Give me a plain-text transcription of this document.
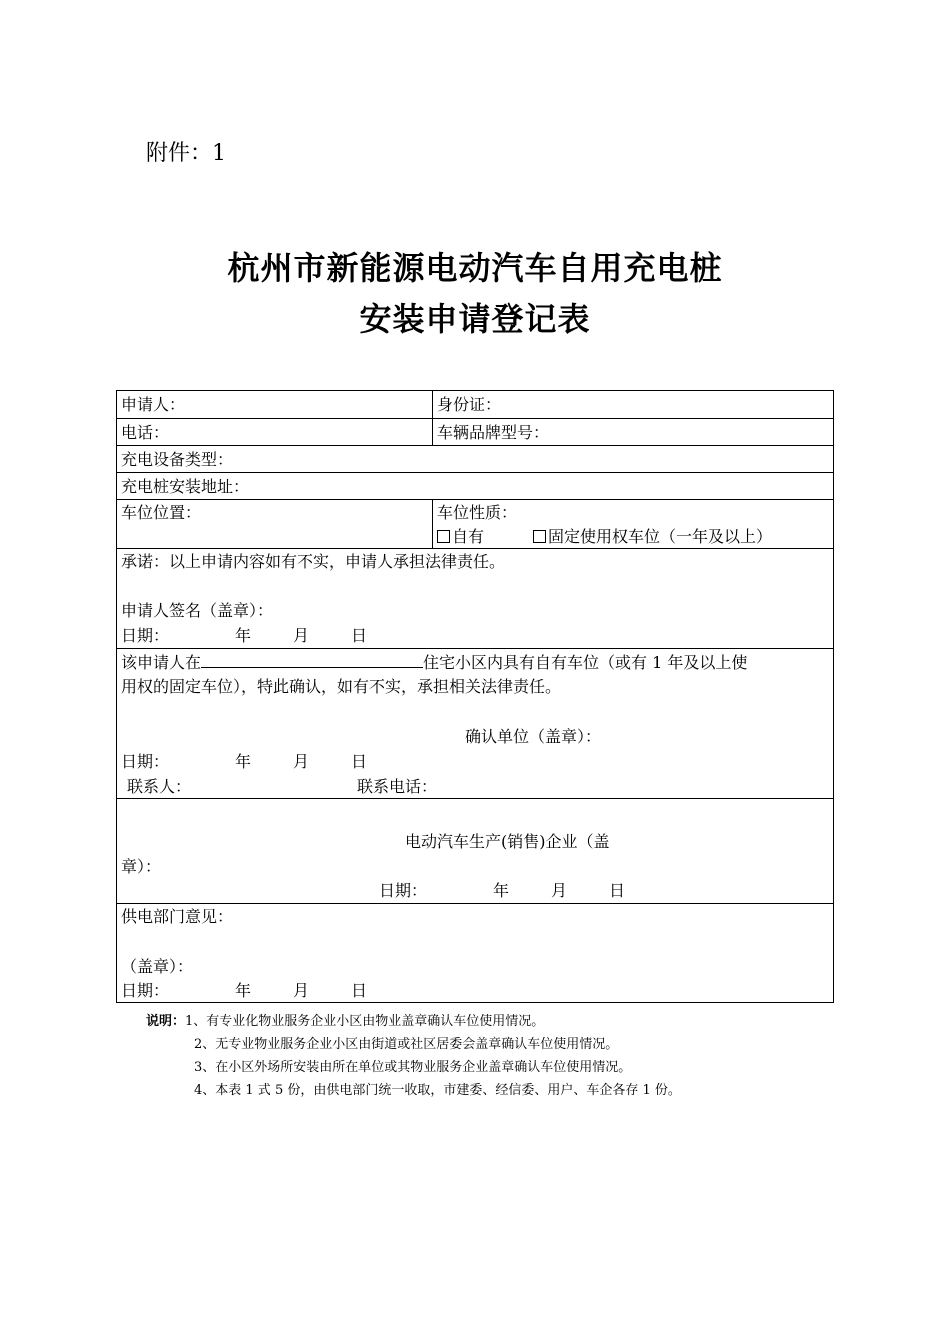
附件：1
杭州市新能源电动汽车自用充电桩
安装申请登记表
申请人：	身份证：
电话：	车辆品牌型号：
充电设备类型：
充电桩安装地址：
车位位置：	车位性质：
自有	固定使用权车位（一年及以上）
承诺：以上申请内容如有不实，申请人承担法律责任。
申请人签名（盖章）：
日期：	年	月	日
该申请人在	住宅小区内具有自有车位（或有 1 年及以上使
用权的固定车位），特此确认，如有不实，承担相关法律责任。
确认单位（盖章）：
日期：	年	月	日
联系人：	联系电话：
电动汽车生产(销售)企业（盖
章）：
日期：	年	月	日
供电部门意见：
（盖章）：
日期：	年	月	日
说明：1、有专业化物业服务企业小区由物业盖章确认车位使用情况。
2、无专业物业服务企业小区由街道或社区居委会盖章确认车位使用情况。
3、在小区外场所安装由所在单位或其物业服务企业盖章确认车位使用情况。
4、本表 1 式 5 份，由供电部门统一收取，市建委、经信委、用户、车企各存 1 份。
